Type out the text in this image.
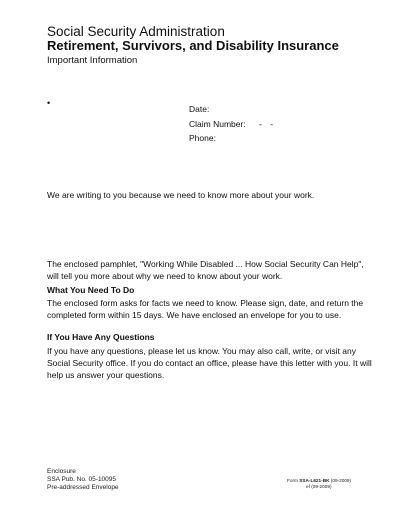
Social Security Administration
Retirement, Survivors, and Disability Insurance
Important Information
•
Date:
Claim Number: - -
Phone:

We are writing to you because we need to know more about your work.

The enclosed pamphlet, "Working While Disabled ... How Social Security Can Help", will tell you more about why we need to know about your work.

What You Need To Do

The enclosed form asks for facts we need to know. Please sign, date, and return the completed form within 15 days. We have enclosed an envelope for you to use.

If You Have Any Questions

If you have any questions, please let us know. You may also call, write, or visit any Social Security office. If you do contact an office, please have this letter with you. It will help us answer your questions.

Enclosure
SSA Pub. No. 05-10095
Pre-addressed Envelope
Form SSA-L621-BK (09-2009)
ef (09-2009)
